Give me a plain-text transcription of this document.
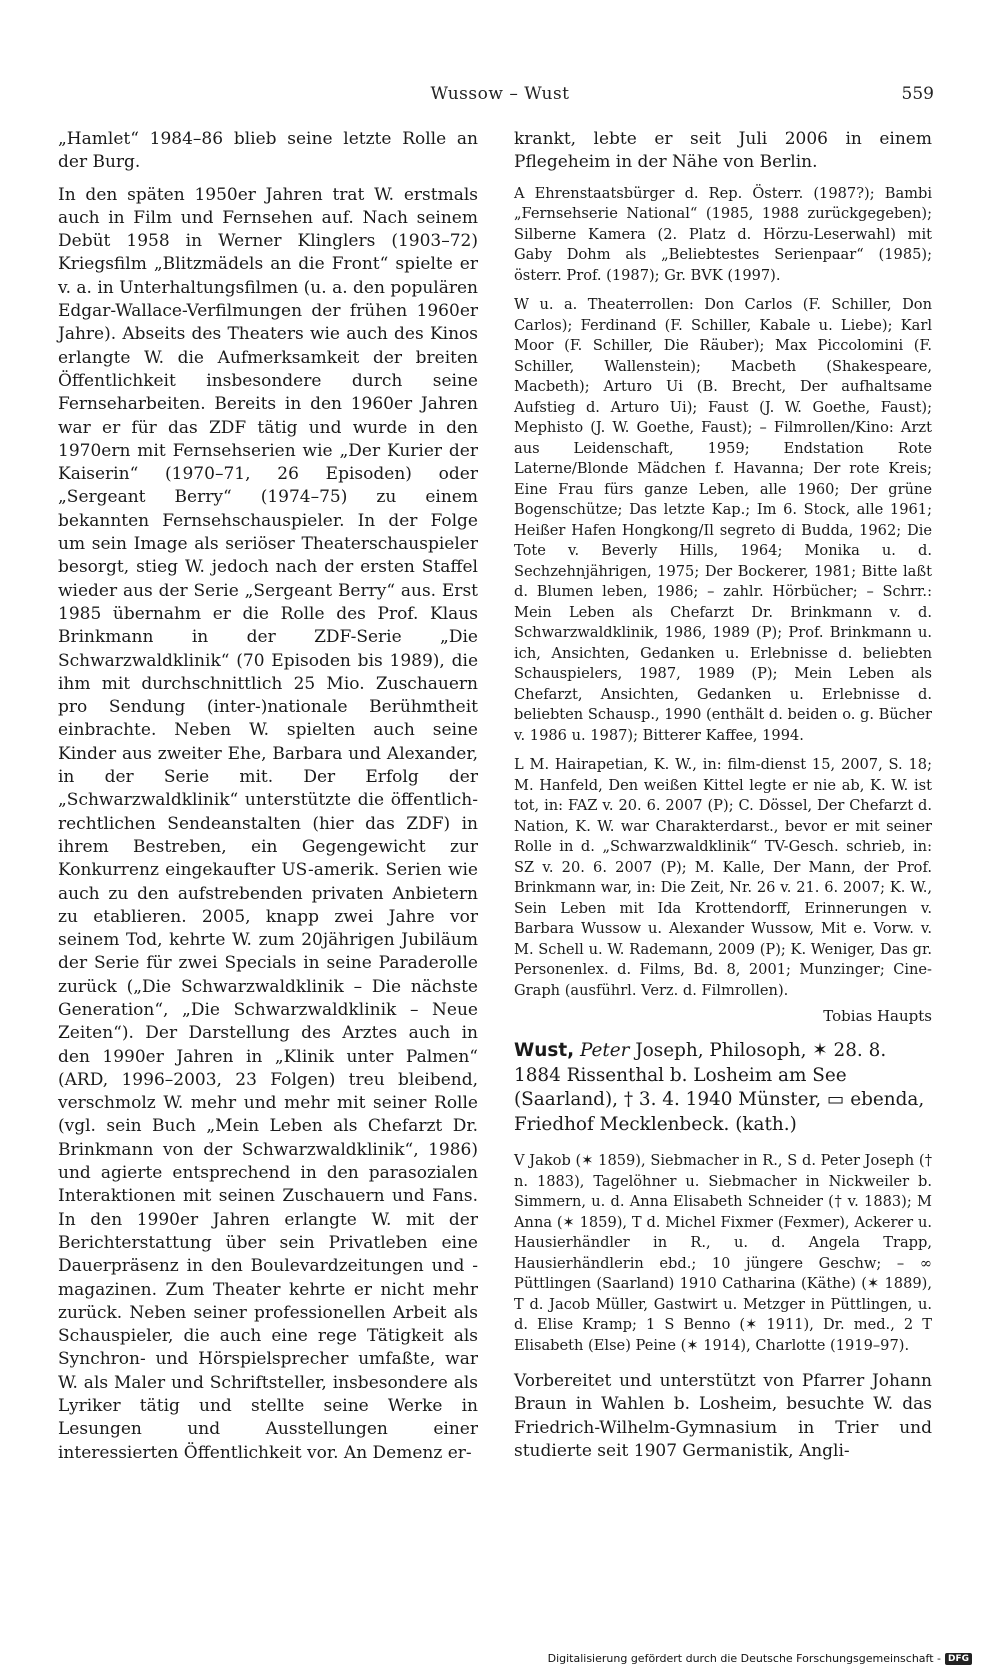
Wussow – Wust	559

„Hamlet“ 1984–86 blieb seine letzte Rolle an der Burg.

In den späten 1950er Jahren trat W. erstmals auch in Film und Fernsehen auf. Nach seinem Debüt 1958 in Werner Klinglers (1903–72) Kriegsfilm „Blitzmädels an die Front“ spielte er v. a. in Unterhaltungsfilmen (u. a. den populären Edgar-Wallace-Verfilmungen der frühen 1960er Jahre). Abseits des Theaters wie auch des Kinos erlangte W. die Aufmerksamkeit der breiten Öffentlichkeit insbesondere durch seine Fernseharbeiten. Bereits in den 1960er Jahren war er für das ZDF tätig und wurde in den 1970ern mit Fernsehserien wie „Der Kurier der Kaiserin“ (1970–71, 26 Episoden) oder „Sergeant Berry“ (1974–75) zu einem bekannten Fernsehschauspieler. In der Folge um sein Image als seriöser Theaterschauspieler besorgt, stieg W. jedoch nach der ersten Staffel wieder aus der Serie „Sergeant Berry“ aus. Erst 1985 übernahm er die Rolle des Prof. Klaus Brinkmann in der ZDF-Serie „Die Schwarzwaldklinik“ (70 Episoden bis 1989), die ihm mit durchschnittlich 25 Mio. Zuschauern pro Sendung (inter-)nationale Berühmtheit einbrachte. Neben W. spielten auch seine Kinder aus zweiter Ehe, Barbara und Alexander, in der Serie mit. Der Erfolg der „Schwarzwaldklinik“ unterstützte die öffentlich-rechtlichen Sendeanstalten (hier das ZDF) in ihrem Bestreben, ein Gegengewicht zur Konkurrenz eingekaufter US-amerik. Serien wie auch zu den aufstrebenden privaten Anbietern zu etablieren. 2005, knapp zwei Jahre vor seinem Tod, kehrte W. zum 20jährigen Jubiläum der Serie für zwei Specials in seine Paraderolle zurück („Die Schwarzwaldklinik – Die nächste Generation“, „Die Schwarzwaldklinik – Neue Zeiten“). Der Darstellung des Arztes auch in den 1990er Jahren in „Klinik unter Palmen“ (ARD, 1996–2003, 23 Folgen) treu bleibend, verschmolz W. mehr und mehr mit seiner Rolle (vgl. sein Buch „Mein Leben als Chefarzt Dr. Brinkmann von der Schwarzwaldklinik“, 1986) und agierte entsprechend in den parasozialen Interaktionen mit seinen Zuschauern und Fans. In den 1990er Jahren erlangte W. mit der Berichterstattung über sein Privatleben eine Dauerpräsenz in den Boulevardzeitungen und -magazinen. Zum Theater kehrte er nicht mehr zurück. Neben seiner professionellen Arbeit als Schauspieler, die auch eine rege Tätigkeit als Synchron- und Hörspielsprecher umfaßte, war W. als Maler und Schriftsteller, insbesondere als Lyriker tätig und stellte seine Werke in Lesungen und Ausstellungen einer interessierten Öffentlichkeit vor. An Demenz er-

krankt, lebte er seit Juli 2006 in einem Pflegeheim in der Nähe von Berlin.

A Ehrenstaatsbürger d. Rep. Österr. (1987?); Bambi „Fernsehserie National“ (1985, 1988 zurückgegeben); Silberne Kamera (2. Platz d. Hörzu-Leserwahl) mit Gaby Dohm als „Beliebtestes Serienpaar“ (1985); österr. Prof. (1987); Gr. BVK (1997).

W u. a. Theaterrollen: Don Carlos (F. Schiller, Don Carlos); Ferdinand (F. Schiller, Kabale u. Liebe); Karl Moor (F. Schiller, Die Räuber); Max Piccolomini (F. Schiller, Wallenstein); Macbeth (Shakespeare, Macbeth); Arturo Ui (B. Brecht, Der aufhaltsame Aufstieg d. Arturo Ui); Faust (J. W. Goethe, Faust); Mephisto (J. W. Goethe, Faust); – Filmrollen/Kino: Arzt aus Leidenschaft, 1959; Endstation Rote Laterne/Blonde Mädchen f. Havanna; Der rote Kreis; Eine Frau fürs ganze Leben, alle 1960; Der grüne Bogenschütze; Das letzte Kap.; Im 6. Stock, alle 1961; Heißer Hafen Hongkong/Il segreto di Budda, 1962; Die Tote v. Beverly Hills, 1964; Monika u. d. Sechzehnjährigen, 1975; Der Bockerer, 1981; Bitte laßt d. Blumen leben, 1986; – zahlr. Hörbücher; – Schrr.: Mein Leben als Chefarzt Dr. Brinkmann v. d. Schwarzwaldklinik, 1986, 1989 (P); Prof. Brinkmann u. ich, Ansichten, Gedanken u. Erlebnisse d. beliebten Schauspielers, 1987, 1989 (P); Mein Leben als Chefarzt, Ansichten, Gedanken u. Erlebnisse d. beliebten Schausp., 1990 (enthält d. beiden o. g. Bücher v. 1986 u. 1987); Bitterer Kaffee, 1994.

L M. Hairapetian, K. W., in: film-dienst 15, 2007, S. 18; M. Hanfeld, Den weißen Kittel legte er nie ab, K. W. ist tot, in: FAZ v. 20. 6. 2007 (P); C. Dössel, Der Chefarzt d. Nation, K. W. war Charakterdarst., bevor er mit seiner Rolle in d. „Schwarzwaldklinik“ TV-Gesch. schrieb, in: SZ v. 20. 6. 2007 (P); M. Kalle, Der Mann, der Prof. Brinkmann war, in: Die Zeit, Nr. 26 v. 21. 6. 2007; K. W., Sein Leben mit Ida Krottendorff, Erinnerungen v. Barbara Wussow u. Alexander Wussow, Mit e. Vorw. v. M. Schell u. W. Rademann, 2009 (P); K. Weniger, Das gr. Personenlex. d. Films, Bd. 8, 2001; Munzinger; Cine-Graph (ausführl. Verz. d. Filmrollen).

Tobias Haupts

Wust, Peter Joseph, Philosoph, ✶ 28. 8. 1884 Rissenthal b. Losheim am See (Saarland), † 3. 4. 1940 Münster, ▭ ebenda, Friedhof Mecklenbeck. (kath.)

V Jakob (✶ 1859), Siebmacher in R., S d. Peter Joseph († n. 1883), Tagelöhner u. Siebmacher in Nickweiler b. Simmern, u. d. Anna Elisabeth Schneider († v. 1883); M Anna (✶ 1859), T d. Michel Fixmer (Fexmer), Ackerer u. Hausierhändler in R., u. d. Angela Trapp, Hausierhändlerin ebd.; 10 jüngere Geschw; – ∞ Püttlingen (Saarland) 1910 Catharina (Käthe) (✶ 1889), T d. Jacob Müller, Gastwirt u. Metzger in Püttlingen, u. d. Elise Kramp; 1 S Benno (✶ 1911), Dr. med., 2 T Elisabeth (Else) Peine (✶ 1914), Charlotte (1919–97).

Vorbereitet und unterstützt von Pfarrer Johann Braun in Wahlen b. Losheim, besuchte W. das Friedrich-Wilhelm-Gymnasium in Trier und studierte seit 1907 Germanistik, Angli-

Digitalisierung gefördert durch die Deutsche Forschungsgemeinschaft - DFG
